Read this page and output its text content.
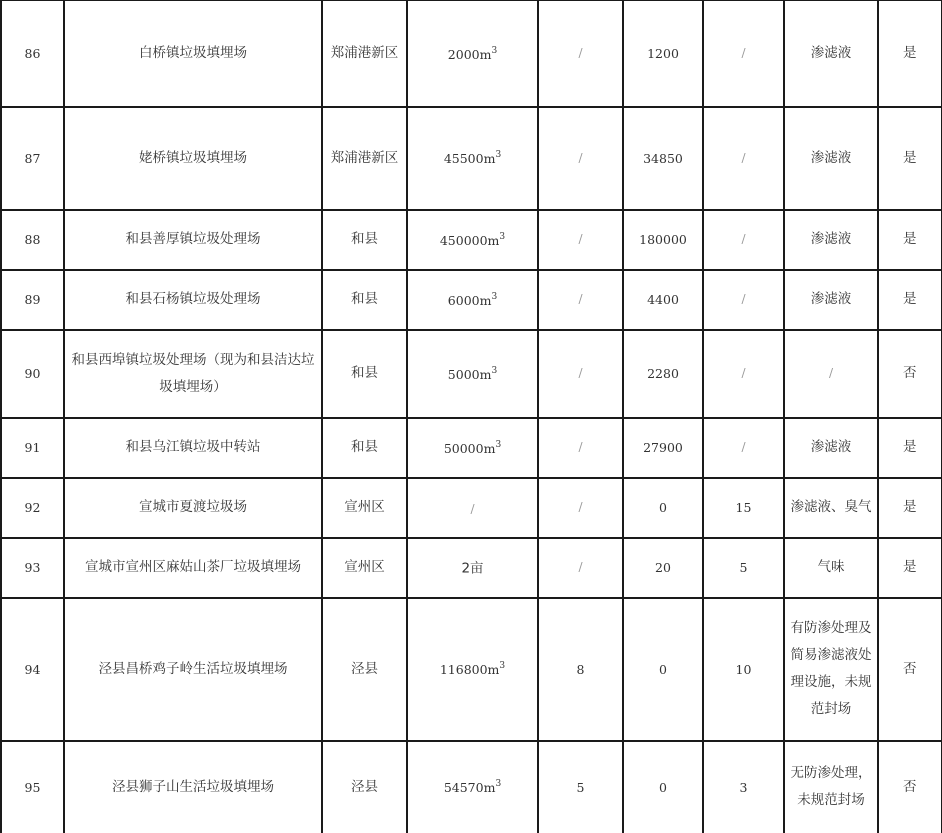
86	白桥镇垃圾填埋场	郑浦港新区	$2000m^3$	/	1200	/	渗滤液	是
87	姥桥镇垃圾填埋场	郑浦港新区	$45500m^3$	/	34850	/	渗滤液	是
88	和县善厚镇垃圾处理场	和县	$450000m^3$	/	180000	/	渗滤液	是
89	和县石杨镇垃圾处理场	和县	$6000m^3$	/	4400	/	渗滤液	是
90	和县西埠镇垃圾处理场（现为和县洁达垃圾填埋场）	和县	$5000m^3$	/	2280	/	/	否
91	和县乌江镇垃圾中转站	和县	$50000m^3$	/	27900	/	渗滤液	是
92	宣城市夏渡垃圾场	宣州区	/	/	0	15	渗滤液、臭气	是
93	宣城市宣州区麻姑山茶厂垃圾填埋场	宣州区	2亩	/	20	5	气味	是
94	泾县昌桥鸡子岭生活垃圾填埋场	泾县	$116800m^3$	8	0	10	有防渗处理及简易渗滤液处理设施，未规范封场	否
95	泾县狮子山生活垃圾填埋场	泾县	$54570m^3$	5	0	3	无防渗处理，未规范封场	否
